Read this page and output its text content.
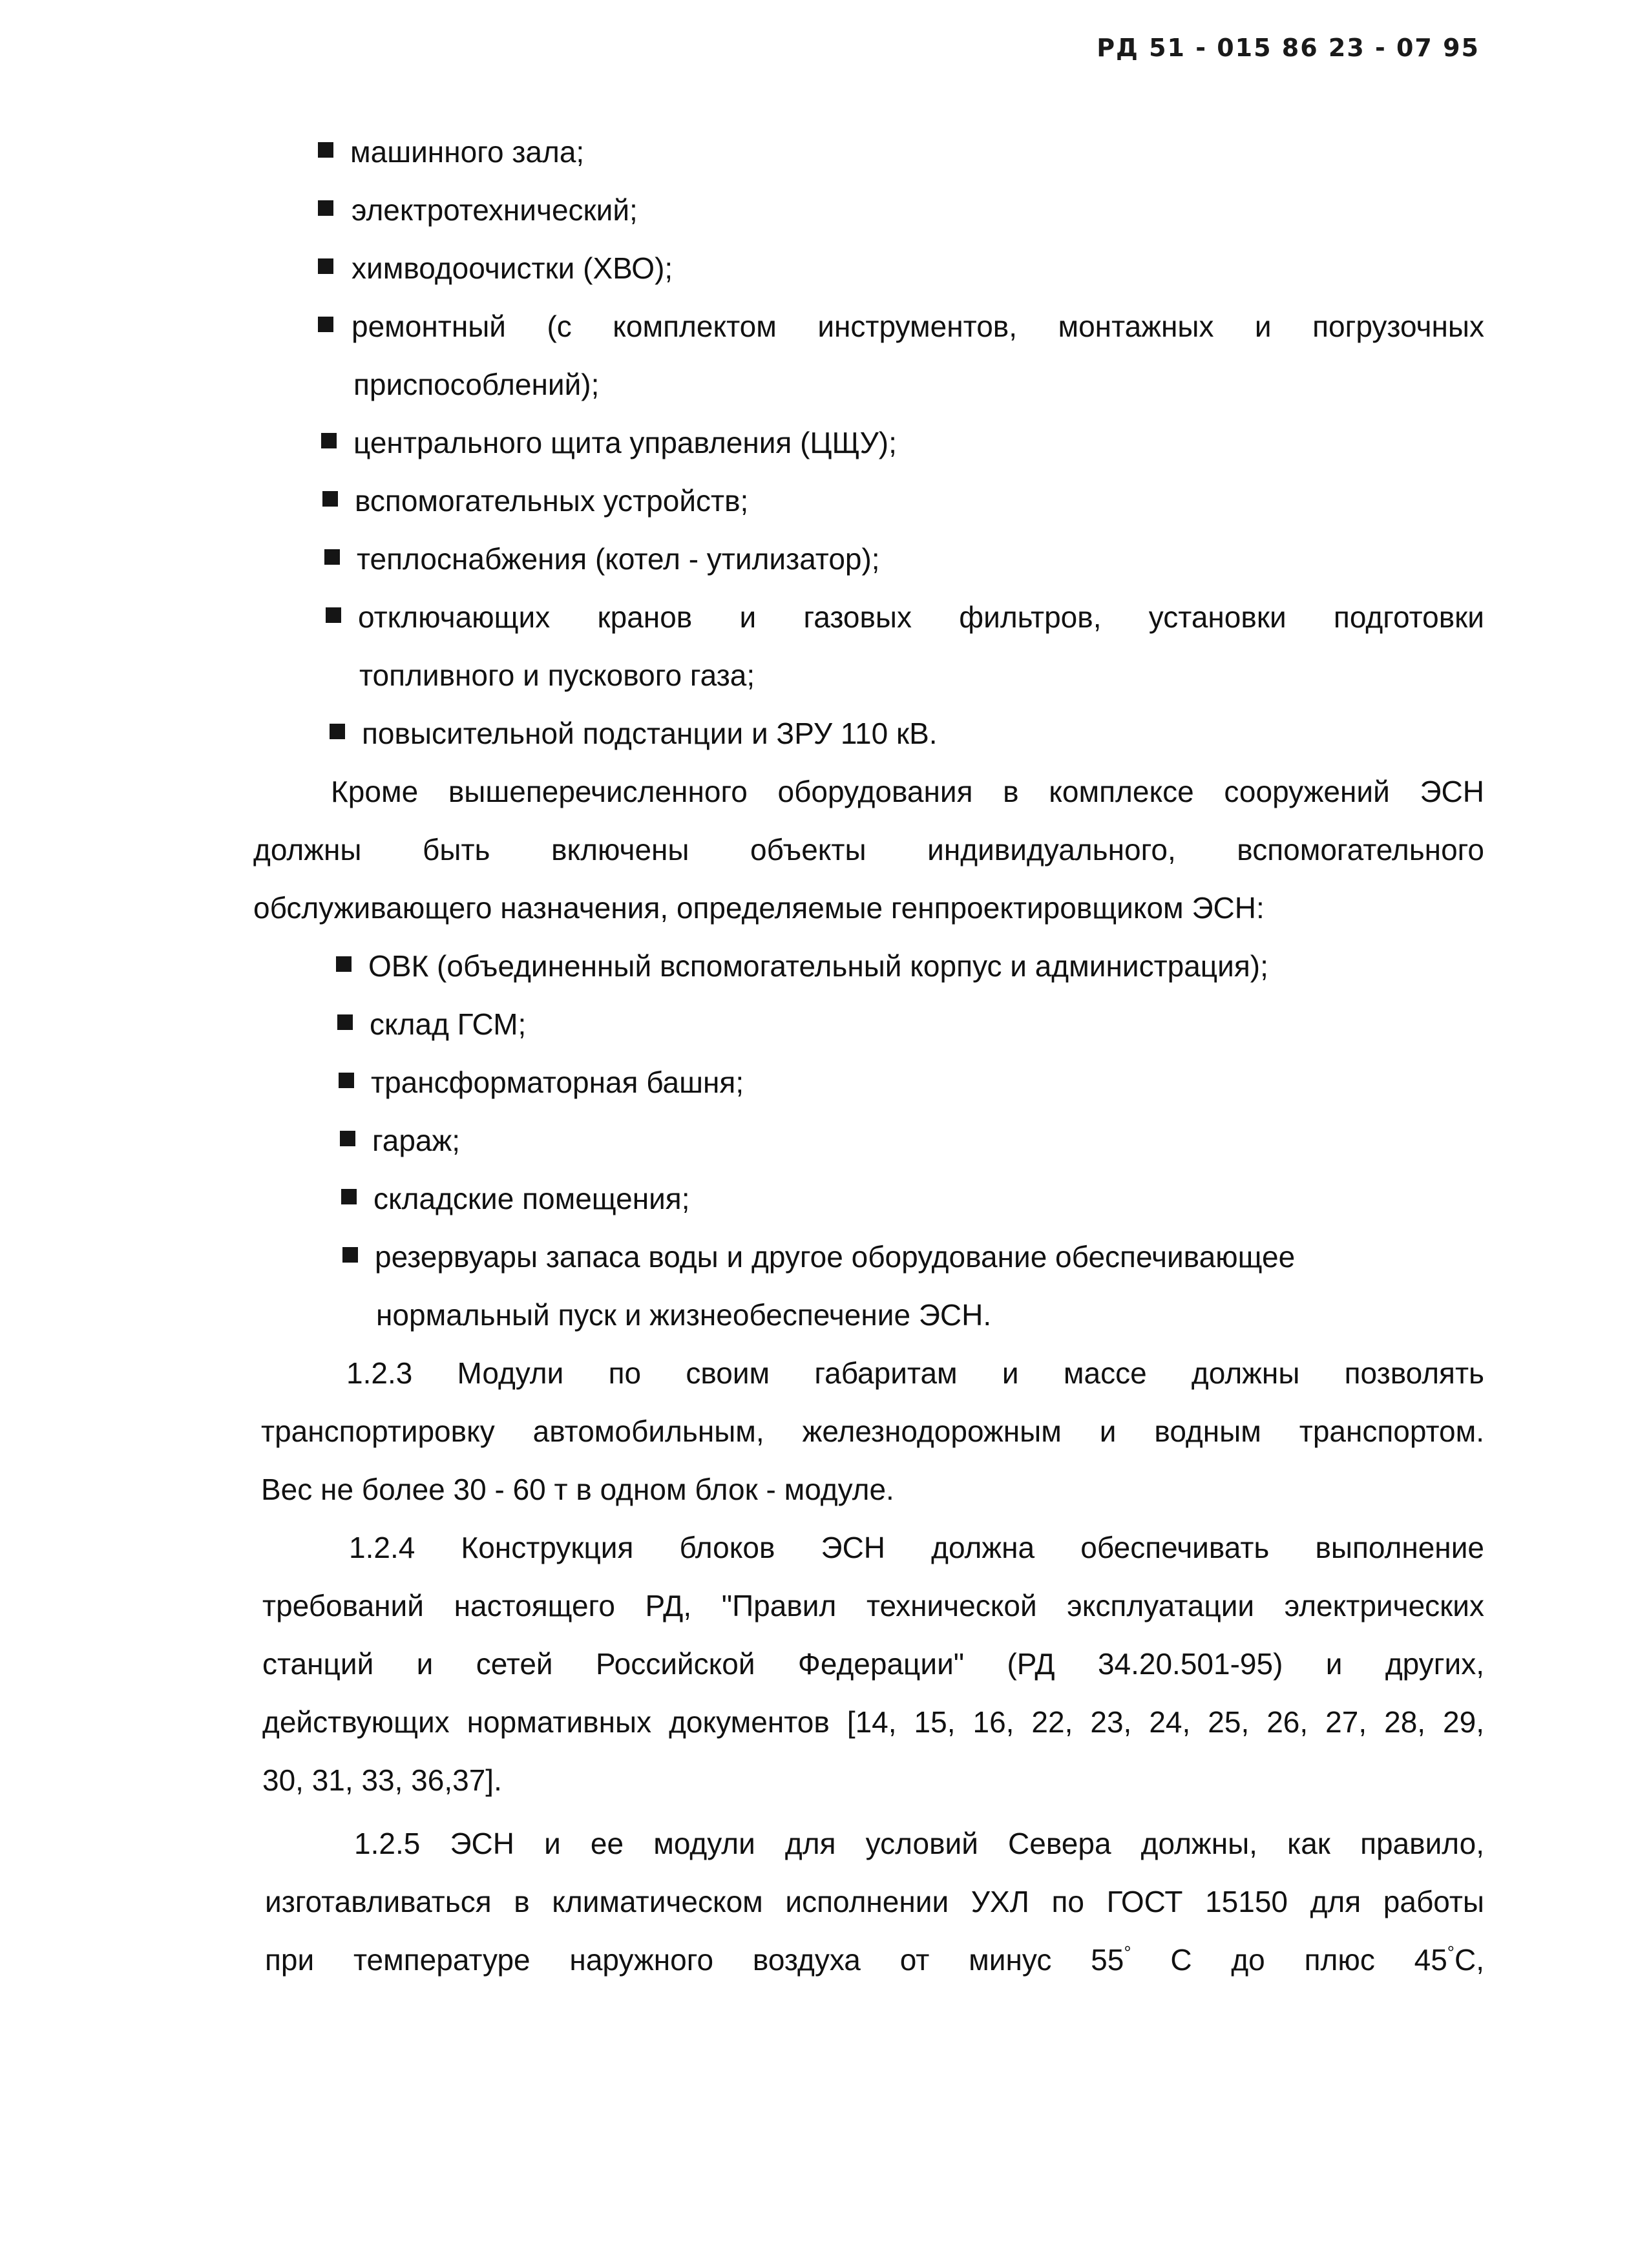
РД 51 - 015 86 23 - 07 95
машинного зала;
электротехнический;
химводоочистки (ХВО);
ремонтный (с комплектом инструментов, монтажных и погрузочных
приспособлений);
центрального щита управления (ЦЩУ);
вспомогательных устройств;
теплоснабжения (котел - утилизатор);
отключающих кранов и газовых фильтров, установки подготовки
топливного и пускового газа;
повысительной подстанции и ЗРУ 110 кВ.
Кроме вышеперечисленного оборудования в комплексе сооружений ЭСН
должны быть включены объекты индивидуального, вспомогательного
обслуживающего назначения, определяемые генпроектировщиком ЭСН:
ОВК (объединенный вспомогательный корпус и администрация);
склад ГСМ;
трансформаторная башня;
гараж;
складские помещения;
резервуары запаса воды и другое оборудование обеспечивающее
нормальный пуск и жизнеобеспечение ЭСН.
1.2.3 Модули по своим габаритам и массе должны позволять
транспортировку автомобильным, железнодорожным и водным транспортом.
Вес не более 30 - 60 т в одном блок - модуле.
1.2.4 Конструкция блоков ЭСН должна обеспечивать выполнение
требований настоящего РД, "Правил технической эксплуатации электрических
станций и сетей Российской Федерации" (РД 34.20.501-95) и других,
действующих нормативных документов [14, 15, 16, 22, 23, 24, 25, 26, 27, 28, 29,
30, 31, 33, 36,37].
1.2.5 ЭСН и ее модули для условий Севера должны, как правило,
изготавливаться в климатическом исполнении УХЛ по ГОСТ 15150 для работы
при температуре наружного воздуха от минус 55° С до плюс 45°С,
